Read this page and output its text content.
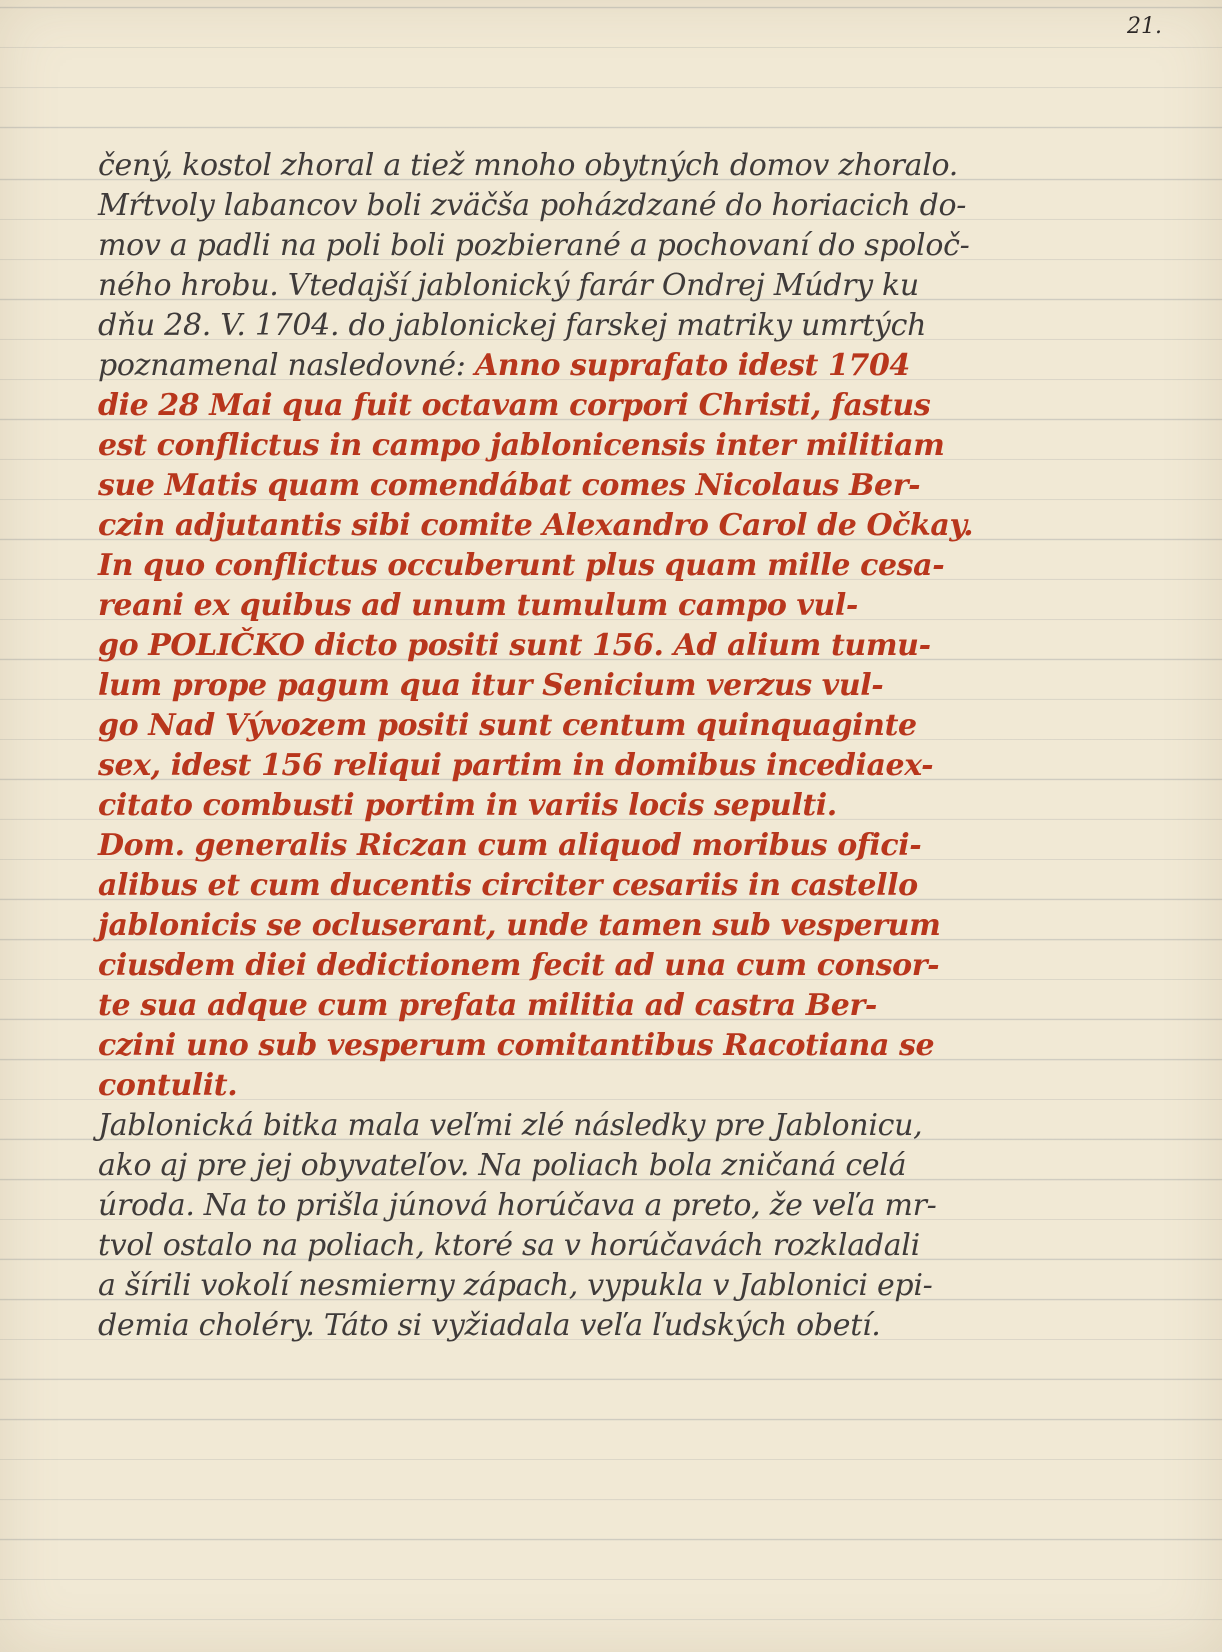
21.
čený, kostol zhoral a tiež mnoho obytných domov zhoralo.
Mŕtvoly labancov boli zväčša poházdzané do horiacich do-
mov a padli na poli boli pozbierané a pochovaní do spoloč-
ného hrobu. Vtedajší jablonický farár Ondrej Múdry ku
dňu 28. V. 1704. do jablonickej farskej matriky umrtých
poznamenal nasledovné: Anno suprafato idest 1704
die 28 Mai qua fuit octavam corpori Christi, fastus
est conflictus in campo jablonicensis inter militiam
sue Matis quam comendábat comes Nicolaus Ber-
czin adjutantis sibi comite Alexandro Carol de Očkay.
In quo conflictus occuberunt plus quam mille cesa-
reani ex quibus ad unum tumulum campo vul-
go POLIČKO dicto positi sunt 156. Ad alium tumu-
lum prope pagum qua itur Senicium verzus vul-
go Nad Vývozem positi sunt centum quinquaginte
sex, idest 156 reliqui partim in domibus incediaex-
citato combusti portim in variis locis sepulti.
Dom. generalis Riczan cum aliquod moribus ofici-
alibus et cum ducentis circiter cesariis in castello
jablonicis se ocluserant, unde tamen sub vesperum
ciusdem diei dedictionem fecit ad una cum consor-
te sua adque cum prefata militia ad castra Ber-
czini uno sub vesperum comitantibus Racotiana se
contulit.
Jablonická bitka mala veľmi zlé následky pre Jablonicu,
ako aj pre jej obyvateľov. Na poliach bola zničaná celá
úroda. Na to prišla júnová horúčava a preto, že veľa mr-
tvol ostalo na poliach, ktoré sa v horúčavách rozkladali
a šírili vokolí nesmierny zápach, vypukla v Jablonici epi-
demia choléry. Táto si vyžiadala veľa ľudských obetí.
